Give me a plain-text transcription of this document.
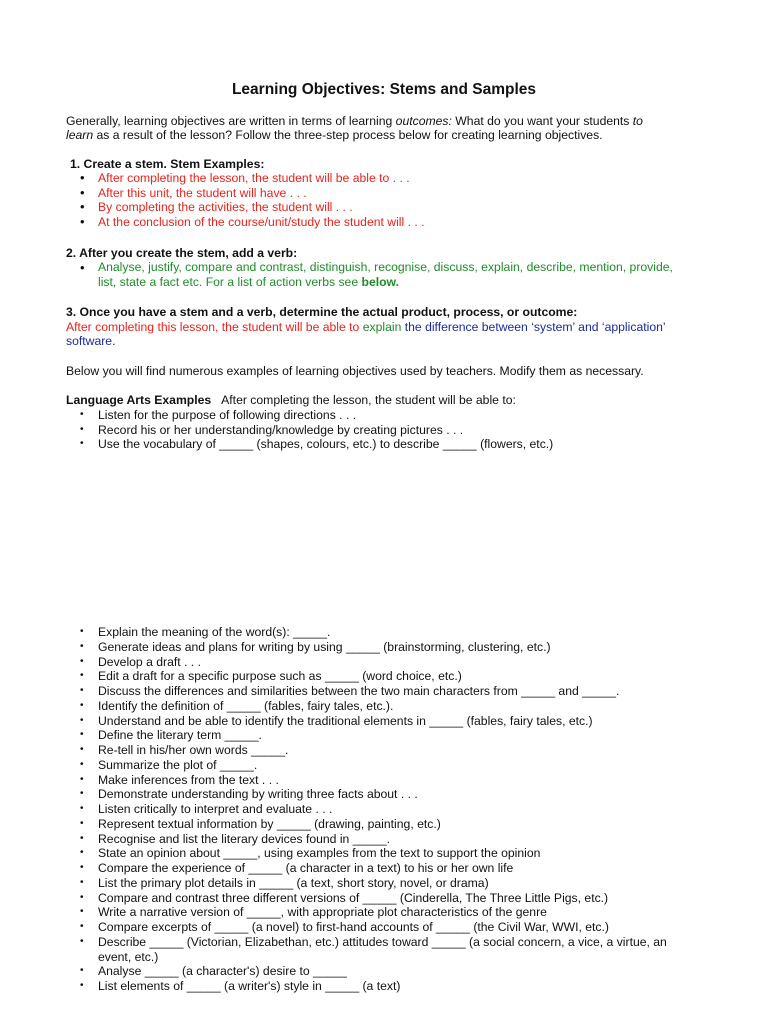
Learning Objectives: Stems and Samples
Generally, learning objectives are written in terms of learning outcomes: What do you want your students to
learn as a result of the lesson? Follow the three-step process below for creating learning objectives.
1. Create a stem. Stem Examples:
• After completing the lesson, the student will be able to . . .
• After this unit, the student will have . . .
• By completing the activities, the student will . . .
• At the conclusion of the course/unit/study the student will . . .
2. After you create the stem, add a verb:
• Analyse, justify, compare and contrast, distinguish, recognise, discuss, explain, describe, mention, provide,
list, state a fact etc. For a list of action verbs see below.
3. Once you have a stem and a verb, determine the actual product, process, or outcome:
After completing this lesson, the student will be able to explain the difference between ‘system’ and ‘application’
software.
Below you will find numerous examples of learning objectives used by teachers. Modify them as necessary.
Language Arts Examples After completing the lesson, the student will be able to:
• Listen for the purpose of following directions . . .
• Record his or her understanding/knowledge by creating pictures . . .
• Use the vocabulary of _____ (shapes, colours, etc.) to describe _____ (flowers, etc.)
• Explain the meaning of the word(s): _____.
• Generate ideas and plans for writing by using _____ (brainstorming, clustering, etc.)
• Develop a draft . . .
• Edit a draft for a specific purpose such as _____ (word choice, etc.)
• Discuss the differences and similarities between the two main characters from _____ and _____.
• Identify the definition of _____ (fables, fairy tales, etc.).
• Understand and be able to identify the traditional elements in _____ (fables, fairy tales, etc.)
• Define the literary term _____.
• Re-tell in his/her own words _____.
• Summarize the plot of _____.
• Make inferences from the text . . .
• Demonstrate understanding by writing three facts about . . .
• Listen critically to interpret and evaluate . . .
• Represent textual information by _____ (drawing, painting, etc.)
• Recognise and list the literary devices found in _____.
• State an opinion about _____, using examples from the text to support the opinion
• Compare the experience of _____ (a character in a text) to his or her own life
• List the primary plot details in _____ (a text, short story, novel, or drama)
• Compare and contrast three different versions of _____ (Cinderella, The Three Little Pigs, etc.)
• Write a narrative version of _____, with appropriate plot characteristics of the genre
• Compare excerpts of _____ (a novel) to first-hand accounts of _____ (the Civil War, WWI, etc.)
• Describe _____ (Victorian, Elizabethan, etc.) attitudes toward _____ (a social concern, a vice, a virtue, an
event, etc.)
• Analyse _____ (a character's) desire to _____
• List elements of _____ (a writer's) style in _____ (a text)
